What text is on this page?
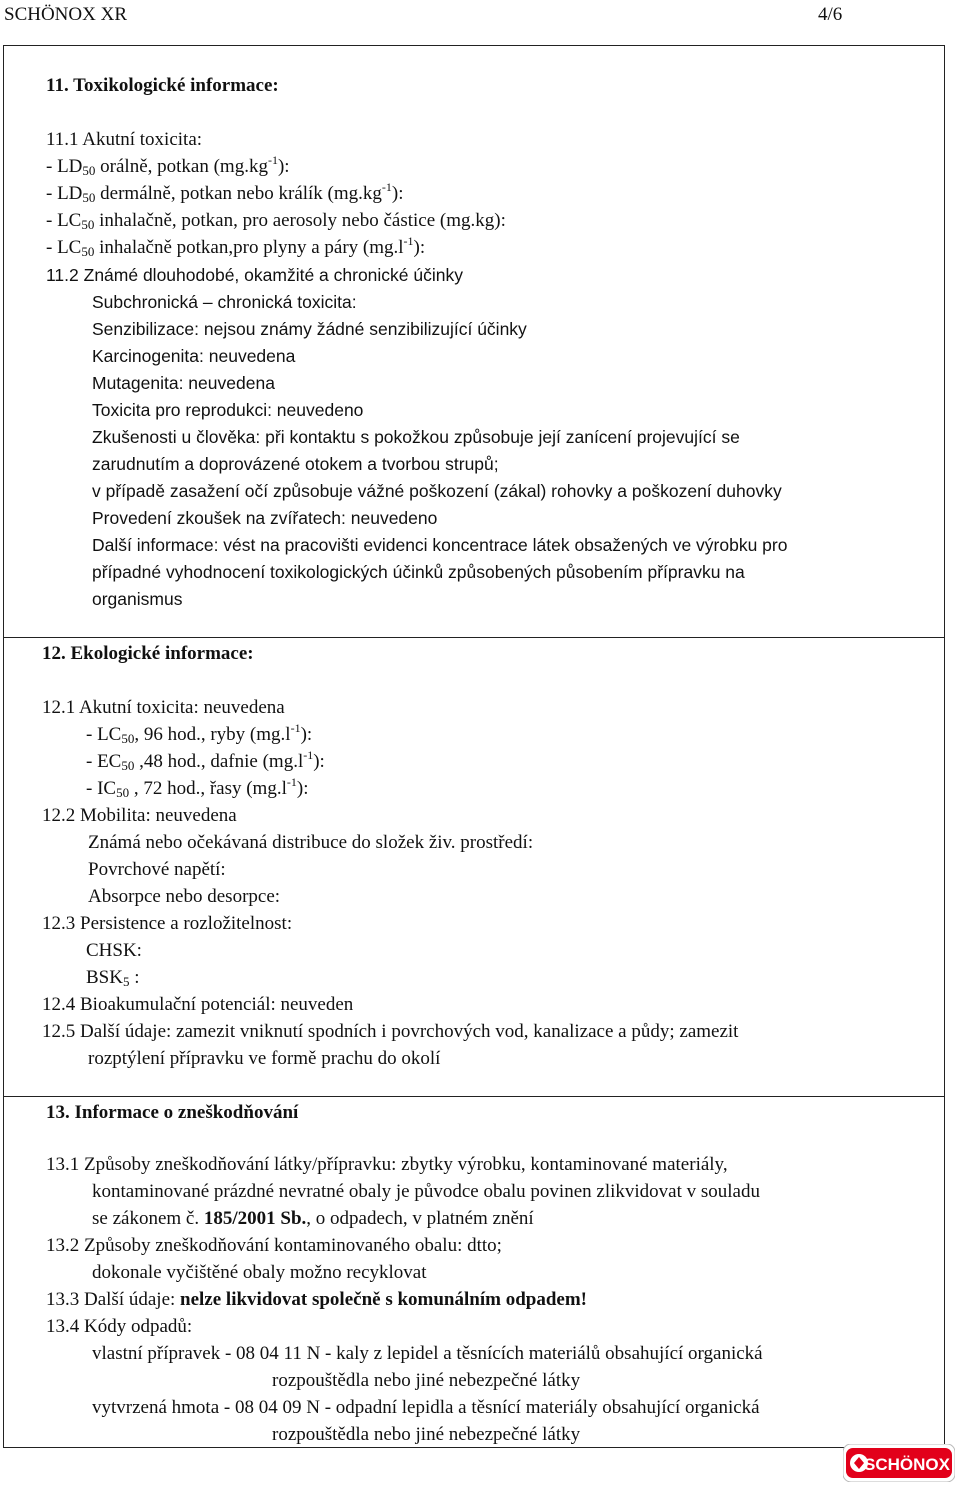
SCHÖNOX XR	4/6
11. Toxikologické informace:
11.1 Akutní toxicita:
- LD50 orálně, potkan $(mg.kg^{-1})$:
- LD50 dermálně, potkan nebo králík $(mg.kg^{-1})$:
- LC50 inhalačně, potkan, pro aerosoly nebo částice (mg.kg):
- LC50 inhalačně potkan,pro plyny a páry $(mg.l^{-1})$:
11.2 Známé dlouhodobé, okamžité a chronické účinky
Subchronická – chronická toxicita:
Senzibilizace: nejsou známy žádné senzibilizující účinky
Karcinogenita: neuvedena
Mutagenita: neuvedena
Toxicita pro reprodukci: neuvedeno
Zkušenosti u člověka: při kontaktu s pokožkou způsobuje její zanícení projevující se
zarudnutím a doprovázené otokem a tvorbou strupů;
v případě zasažení očí způsobuje vážné poškození (zákal) rohovky a poškození duhovky
Provedení zkoušek na zvířatech: neuvedeno
Další informace: vést na pracovišti evidenci koncentrace látek obsažených ve výrobku pro
případné vyhodnocení toxikologických účinků způsobených působením přípravku na
organismus
12. Ekologické informace:
12.1 Akutní toxicita: neuvedena
- LC50, 96 hod., ryby $(mg.l^{-1})$:
- EC50 ,48 hod., dafnie $(mg.l^{-1})$:
- IC50 , 72 hod., řasy $(mg.l^{-1})$:
12.2 Mobilita: neuvedena
Známá nebo očekávaná distribuce do složek živ. prostředí:
Povrchové napětí:
Absorpce nebo desorpce:
12.3 Persistence a rozložitelnost:
CHSK:
BSK5 :
12.4 Bioakumulační potenciál: neuveden
12.5 Další údaje: zamezit vniknutí spodních i povrchových vod, kanalizace a půdy; zamezit
rozptýlení přípravku ve formě prachu do okolí
13. Informace o zneškodňování
13.1 Způsoby zneškodňování látky/přípravku: zbytky výrobku, kontaminované materiály,
kontaminované prázdné nevratné obaly je původce obalu povinen zlikvidovat v souladu
se zákonem č. 185/2001 Sb., o odpadech, v platném znění
13.2 Způsoby zneškodňování kontaminovaného obalu: dtto;
dokonale vyčištěné obaly možno recyklovat
13.3 Další údaje: nelze likvidovat společně s komunálním odpadem!
13.4 Kódy odpadů:
vlastní přípravek - 08 04 11 N - kaly z lepidel a těsnících materiálů obsahující organická
rozpouštědla nebo jiné nebezpečné látky
vytvrzená hmota - 08 04 09 N - odpadní lepidla a těsnící materiály obsahující organická
rozpouštědla nebo jiné nebezpečné látky
SCHÖNOX
